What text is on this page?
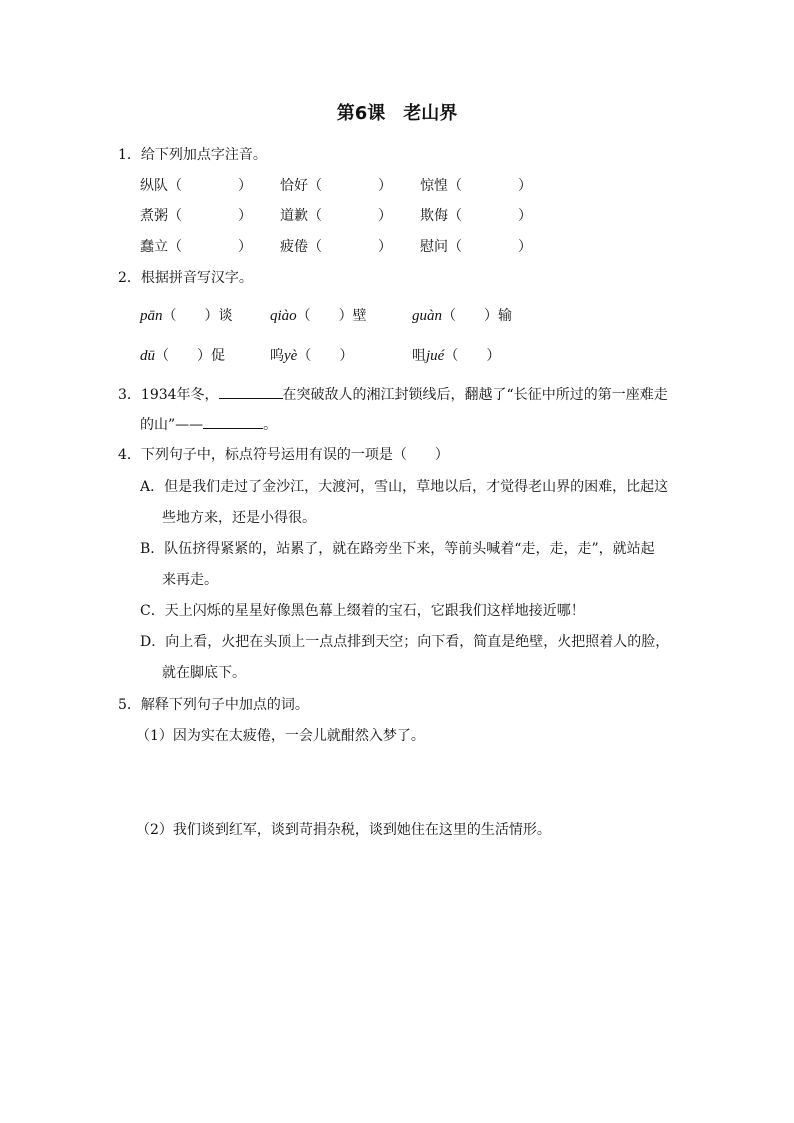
第6课　老山界
1．给下列加点字注音。
纵队（　　　　） 恰好（　　　　） 惊惶（　　　　）
煮粥（　　　　） 道歉（　　　　） 欺侮（　　　　）
蠢立（　　　　） 疲倦（　　　　） 慰问（　　　　）
2．根据拼音写汉字。
pān（　　）谈	qiào（　　）壁	guàn（　　）输
dū（　　）促	呜yè（　　）	咀jué（　　）
3．1934年冬，	在突破敌人的湘江封锁线后，翻越了“长征中所过的第一座难走
的山”——	。
4．下列句子中，标点符号运用有误的一项是（　　）
A．但是我们走过了金沙江，大渡河，雪山，草地以后，才觉得老山界的困难，比起这
些地方来，还是小得很。
B．队伍挤得紧紧的，站累了，就在路旁坐下来，等前头喊着“走，走，走”，就站起
来再走。
C．天上闪烁的星星好像黑色幕上缀着的宝石，它跟我们这样地接近哪！
D．向上看，火把在头顶上一点点排到天空；向下看，简直是绝壁，火把照着人的脸，
就在脚底下。
5．解释下列句子中加点的词。
（1）因为实在太疲倦，一会儿就酣然入梦了。
（2）我们谈到红军，谈到苛捐杂税，谈到她住在这里的生活情形。
